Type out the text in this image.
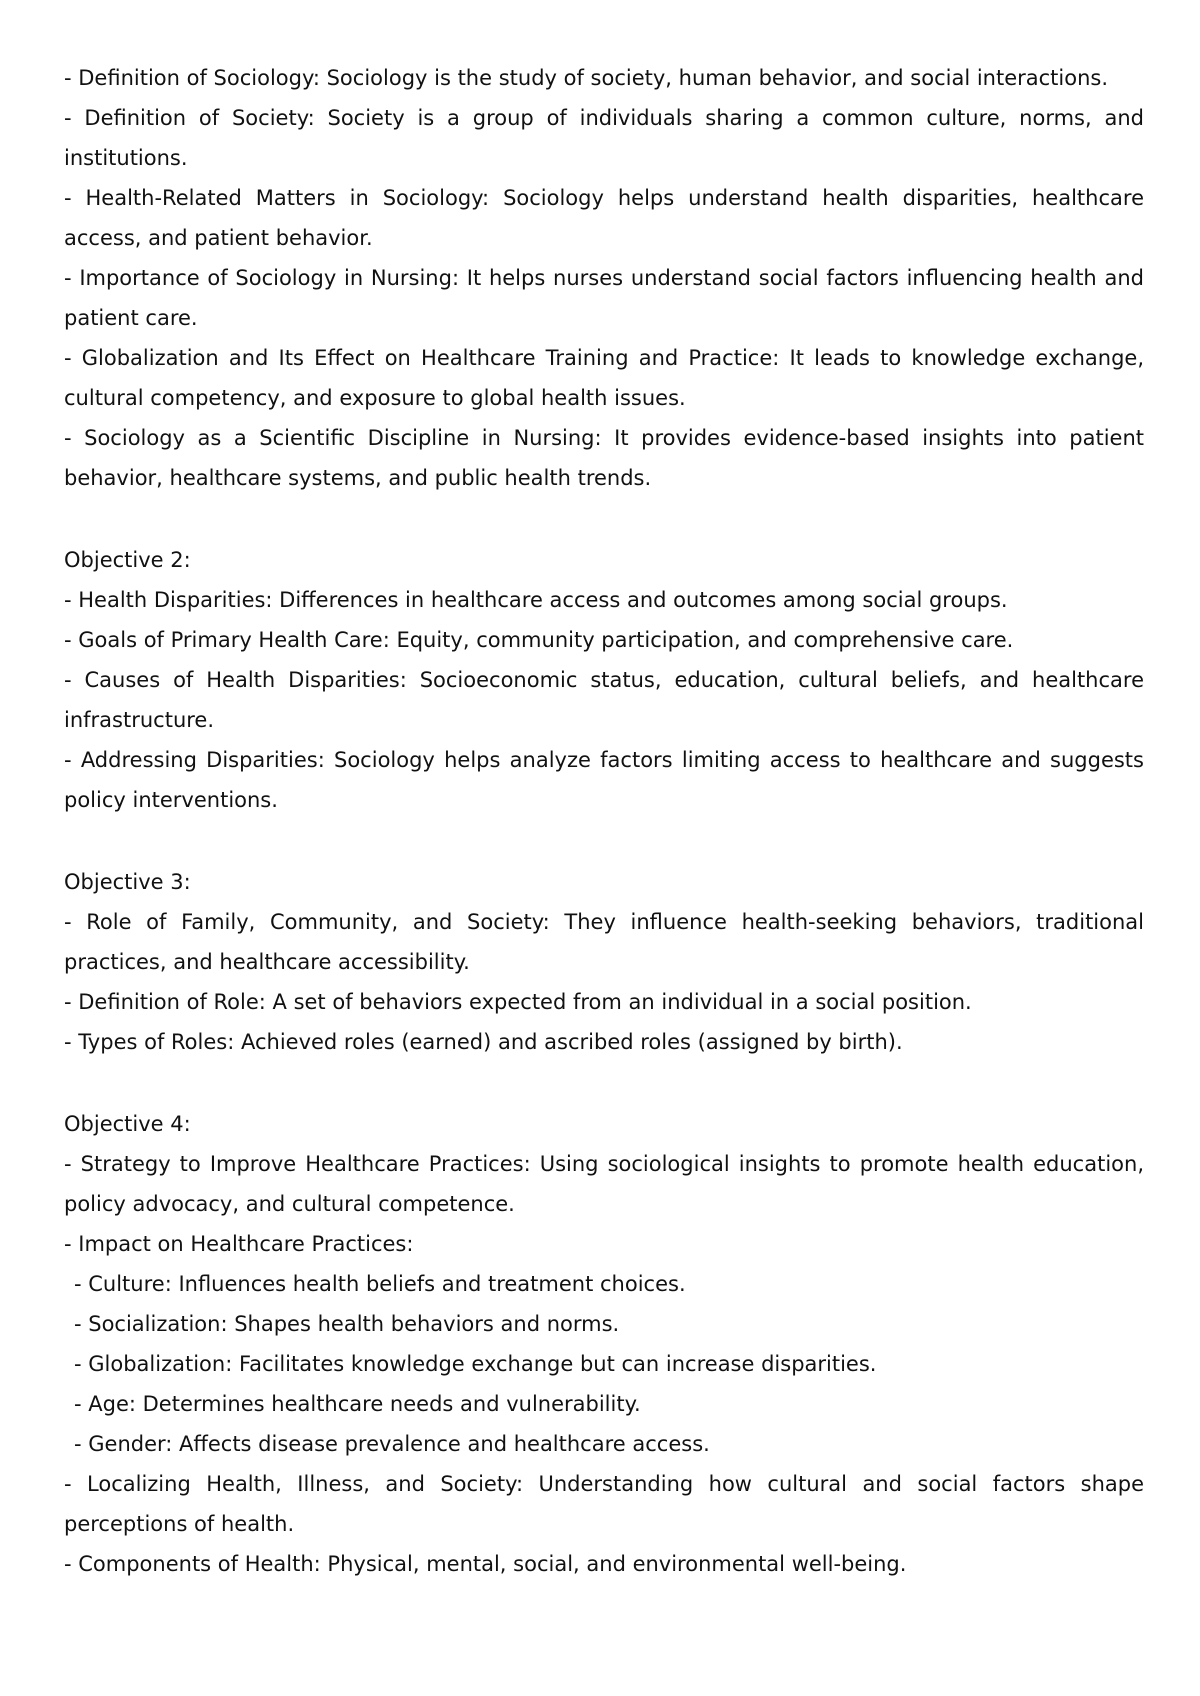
- Definition of Sociology: Sociology is the study of society, human behavior, and social interactions.

- Definition of Society: Society is a group of individuals sharing a common culture, norms, and institutions.

- Health-Related Matters in Sociology: Sociology helps understand health disparities, healthcare access, and patient behavior.

- Importance of Sociology in Nursing: It helps nurses understand social factors influencing health and patient care.

- Globalization and Its Effect on Healthcare Training and Practice: It leads to knowledge exchange, cultural competency, and exposure to global health issues.

- Sociology as a Scientific Discipline in Nursing: It provides evidence-based insights into patient behavior, healthcare systems, and public health trends.

Objective 2:

- Health Disparities: Differences in healthcare access and outcomes among social groups.

- Goals of Primary Health Care: Equity, community participation, and comprehensive care.

- Causes of Health Disparities: Socioeconomic status, education, cultural beliefs, and healthcare infrastructure.

- Addressing Disparities: Sociology helps analyze factors limiting access to healthcare and suggests policy interventions.

Objective 3:

- Role of Family, Community, and Society: They influence health-seeking behaviors, traditional practices, and healthcare accessibility.

- Definition of Role: A set of behaviors expected from an individual in a social position.

- Types of Roles: Achieved roles (earned) and ascribed roles (assigned by birth).

Objective 4:

- Strategy to Improve Healthcare Practices: Using sociological insights to promote health education, policy advocacy, and cultural competence.

- Impact on Healthcare Practices:

- Culture: Influences health beliefs and treatment choices.

- Socialization: Shapes health behaviors and norms.

- Globalization: Facilitates knowledge exchange but can increase disparities.

- Age: Determines healthcare needs and vulnerability.

- Gender: Affects disease prevalence and healthcare access.

- Localizing Health, Illness, and Society: Understanding how cultural and social factors shape perceptions of health.

- Components of Health: Physical, mental, social, and environmental well-being.
